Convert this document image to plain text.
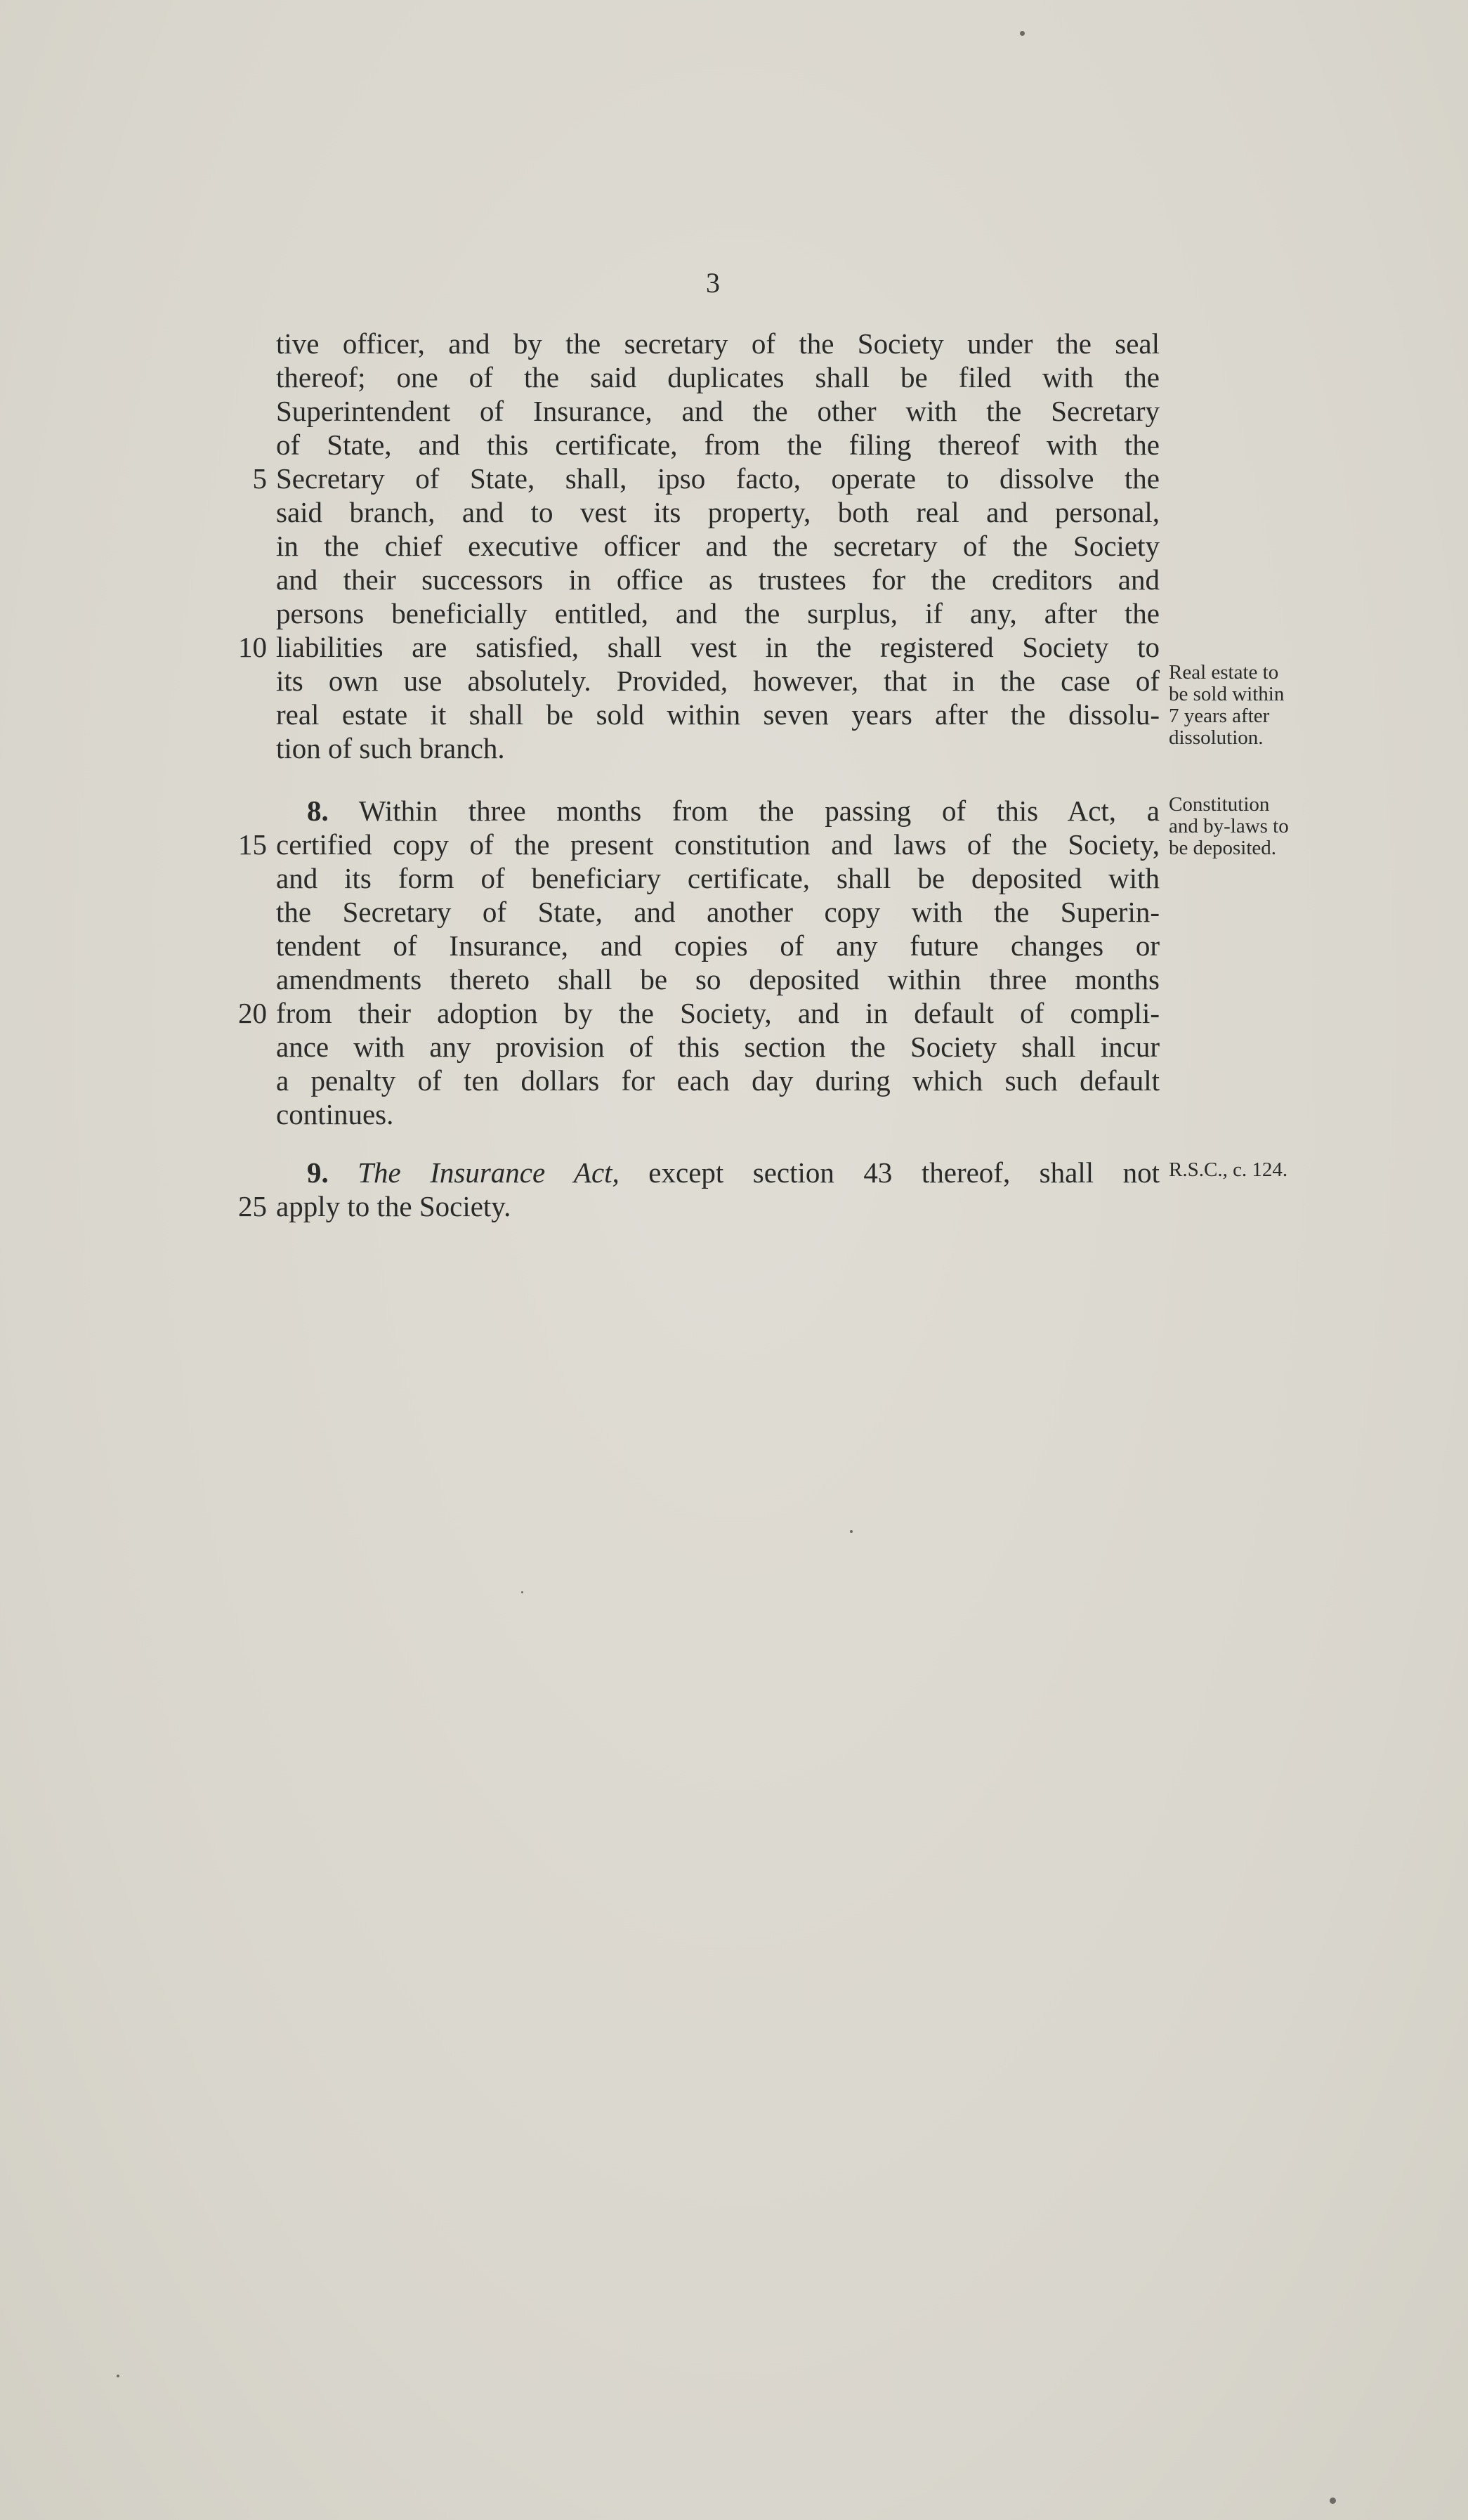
3
tive officer, and by the secretary of the Society under the seal
thereof; one of the said duplicates shall be filed with the
Superintendent of Insurance, and the other with the Secretary
of State, and this certificate, from the filing thereof with the
5 Secretary of State, shall, ipso facto, operate to dissolve the
said branch, and to vest its property, both real and personal,
in the chief executive officer and the secretary of the Society
and their successors in office as trustees for the creditors and
persons beneficially entitled, and the surplus, if any, after the
10 liabilities are satisfied, shall vest in the registered Society to
its own use absolutely. Provided, however, that in the case of
real estate it shall be sold within seven years after the dissolu-
tion of such branch.
Real estate to
be sold within
7 years after
dissolution.
8. Within three months from the passing of this Act, a
15 certified copy of the present constitution and laws of the Society,
and its form of beneficiary certificate, shall be deposited with
the Secretary of State, and another copy with the Superin-
tendent of Insurance, and copies of any future changes or
amendments thereto shall be so deposited within three months
20 from their adoption by the Society, and in default of compli-
ance with any provision of this section the Society shall incur
a penalty of ten dollars for each day during which such default
continues.
Constitution
and by-laws to
be deposited.
9. The Insurance Act, except section 43 thereof, shall not
25 apply to the Society.
R.S.C., c. 124.
